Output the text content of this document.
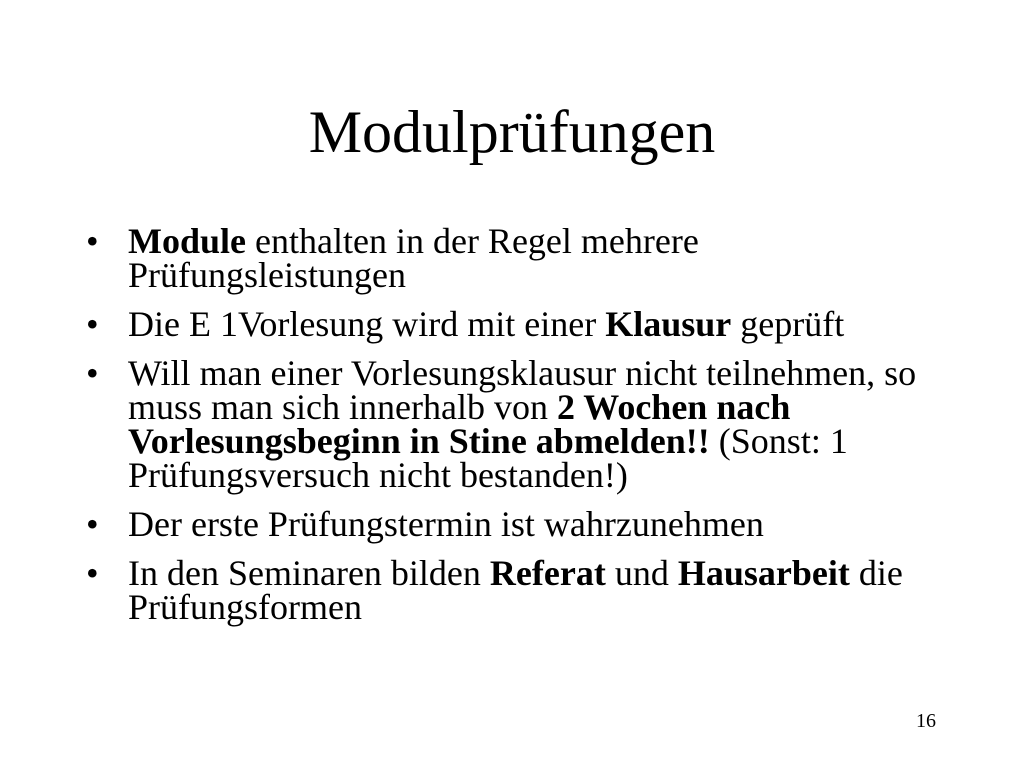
Modulprüfungen
• Module enthalten in der Regel mehrere Prüfungsleistungen
• Die E 1Vorlesung wird mit einer Klausur geprüft
• Will man einer Vorlesungsklausur nicht teilnehmen, so muss man sich innerhalb von 2 Wochen nach Vorlesungsbeginn in Stine abmelden!! (Sonst: 1 Prüfungsversuch nicht bestanden!)
• Der erste Prüfungstermin ist wahrzunehmen
• In den Seminaren bilden Referat und Hausarbeit die Prüfungsformen
16
